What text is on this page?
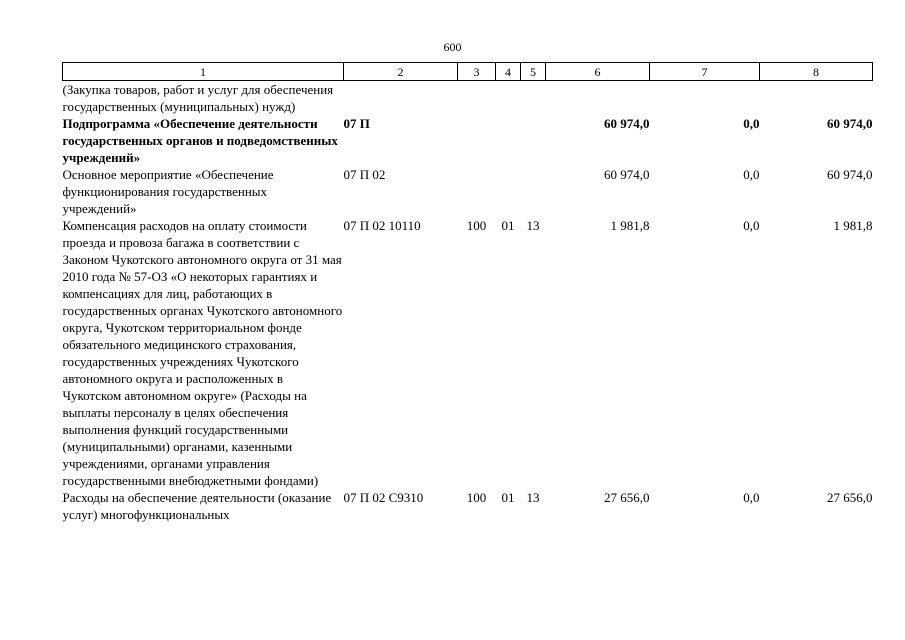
600
1	2	3	4	5	6	7	8
(Закупка товаров, работ и услуг для обеспечения государственных (муниципальных) нужд)							
Подпрограмма «Обеспечение деятельности государственных органов и подведомственных учреждений»	07 П				60 974,0	0,0	60 974,0
Основное мероприятие «Обеспечение функционирования государственных учреждений»	07 П 02				60 974,0	0,0	60 974,0
Компенсация расходов на оплату стоимости проезда и провоза багажа в соответствии с Законом Чукотского автономного округа от 31 мая 2010 года № 57-ОЗ «О некоторых гарантиях и компенсациях для лиц, работающих в государственных органах Чукотского автономного округа, Чукотском территориальном фонде обязательного медицинского страхования, государственных учреждениях Чукотского автономного округа и расположенных в Чукотском автономном округе» (Расходы на выплаты персоналу в целях обеспечения выполнения функций государственными (муниципальными) органами, казенными учреждениями, органами управления государственными внебюджетными фондами)	07 П 02 10110	100	01	13	1 981,8	0,0	1 981,8
Расходы на обеспечение деятельности (оказание услуг) многофункциональных	07 П 02 С9310	100	01	13	27 656,0	0,0	27 656,0
